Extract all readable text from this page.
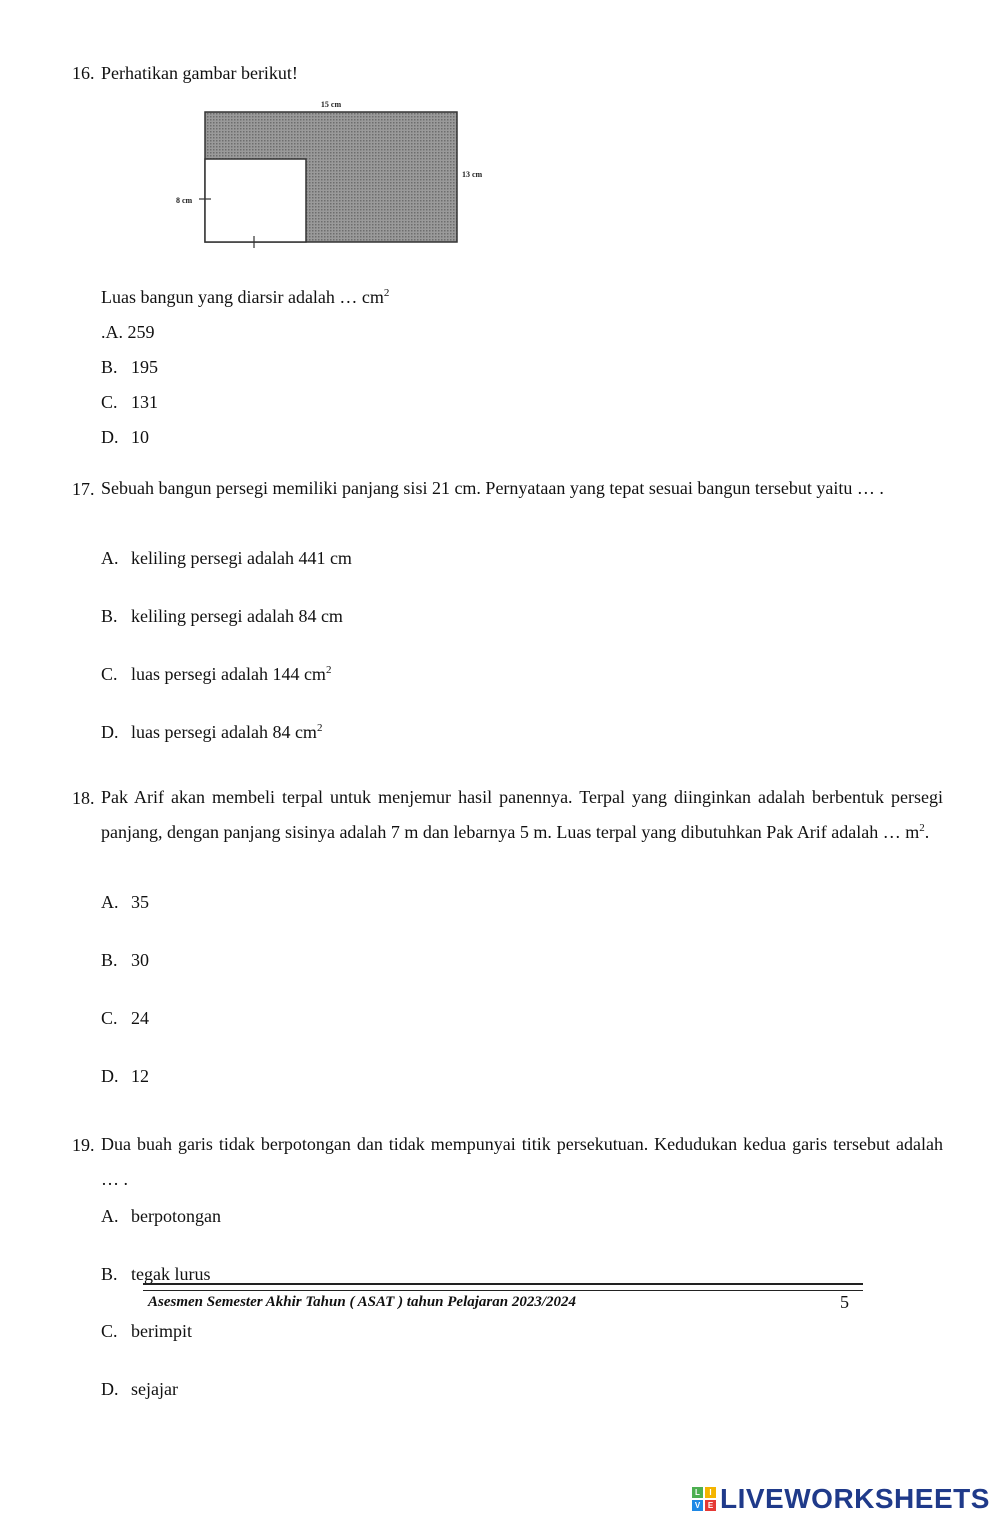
16. Perhatikan gambar berikut!
15 cm
13 cm
8 cm
Luas bangun yang diarsir adalah … $cm^2$
.A. 259
B. 195
C. 131
D. 10
17. Sebuah bangun persegi memiliki panjang sisi 21 cm. Pernyataan yang tepat sesuai bangun tersebut yaitu … .
A. keliling persegi adalah 441 cm
B. keliling persegi adalah 84 cm
C. luas persegi adalah 144 $cm^2$
D. luas persegi adalah 84 $cm^2$
18. Pak Arif akan membeli terpal untuk menjemur hasil panennya. Terpal yang diinginkan adalah berbentuk persegi panjang, dengan panjang sisinya adalah 7 m dan lebarnya 5 m. Luas terpal yang dibutuhkan Pak Arif adalah … $m^2$.
A. 35
B. 30
C. 24
D. 12
19. Dua buah garis tidak berpotongan dan tidak mempunyai titik persekutuan. Kedudukan kedua garis tersebut adalah … .
A. berpotongan
B. tegak lurus
Asesmen Semester Akhir Tahun ( ASAT ) tahun Pelajaran 2023/2024	5
C. berimpit
D. sejajar
L	I
V E LIVEWORKSHEETS
